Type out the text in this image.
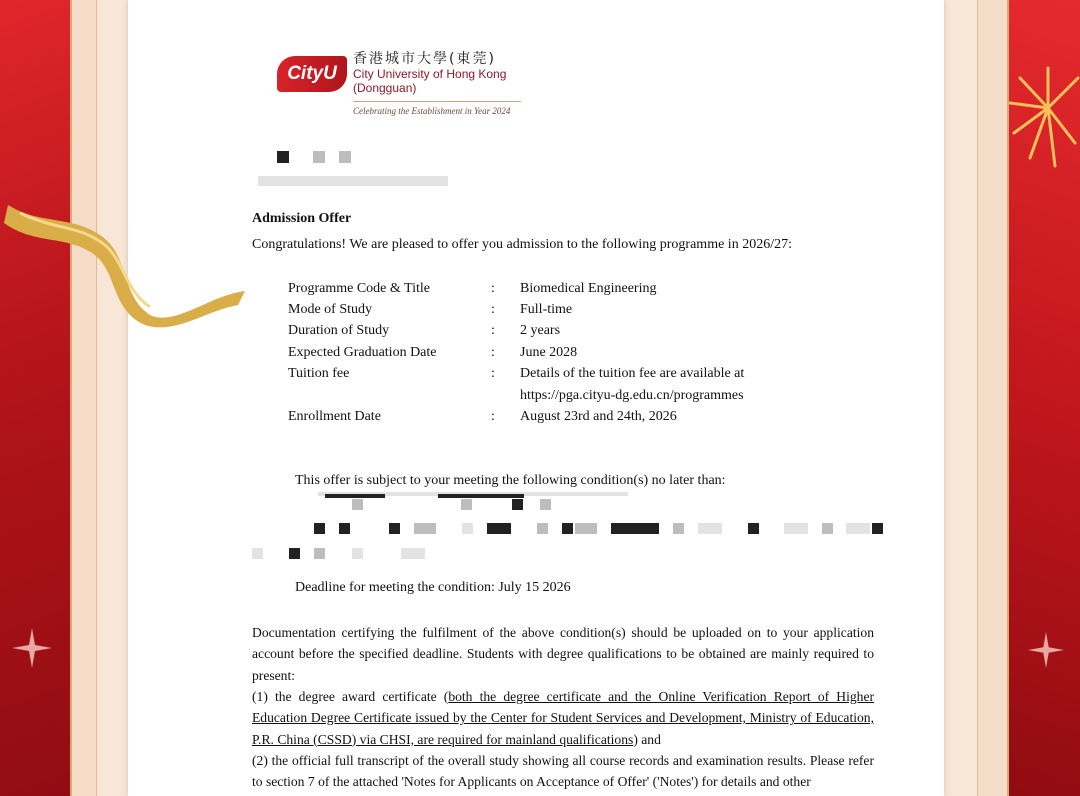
CityU
香港城市大學(東莞)
City University of Hong Kong
(Dongguan)
Celebrating the Establishment in Year 2024
Admission Offer
Congratulations! We are pleased to offer you admission to the following programme in 2026/27:
Programme Code & Title	: Biomedical Engineering
Mode of Study	: Full-time
Duration of Study	: 2 years
Expected Graduation Date	: June 2028
Tuition fee	: Details of the tuition fee are available at
https://pga.cityu-dg.edu.cn/programmes
Enrollment Date	: August 23rd and 24th, 2026
This offer is subject to your meeting the following condition(s) no later than:
Deadline for meeting the condition: July 15 2026
Documentation certifying the fulfilment of the above condition(s) should be uploaded on to your application account before the specified deadline. Students with degree qualifications to be obtained are mainly required to present:
(1) the degree award certificate (both the degree certificate and the Online Verification Report of Higher Education Degree Certificate issued by the Center for Student Services and Development, Ministry of Education, P.R. China (CSSD) via CHSI, are required for mainland qualifications) and
(2) the official full transcript of the overall study showing all course records and examination results. Please refer to section 7 of the attached 'Notes for Applicants on Acceptance of Offer' ('Notes') for details and other
